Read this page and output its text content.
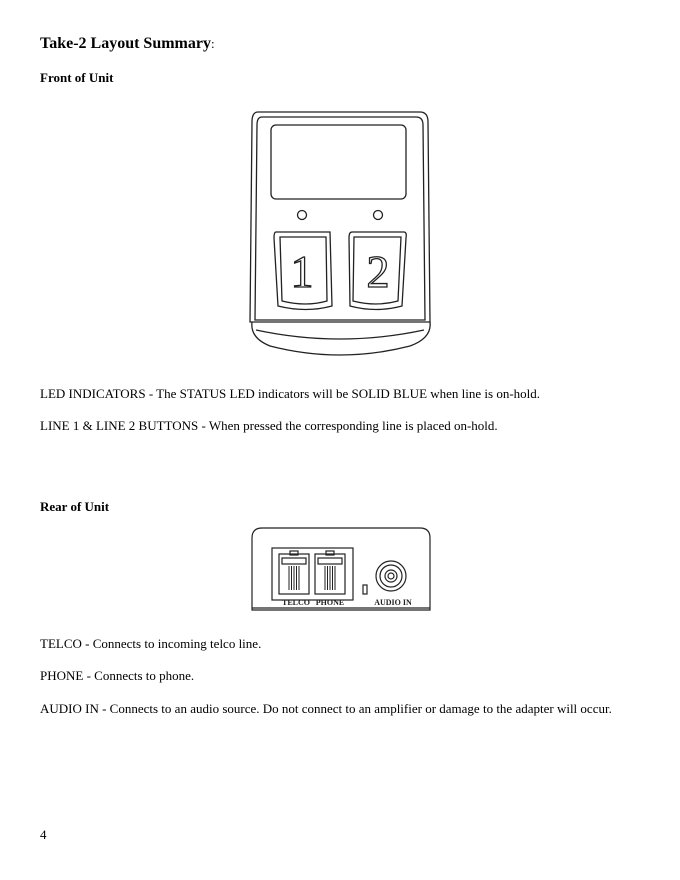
Take-2 Layout Summary:
Front of Unit
1 2
LED INDICATORS - The STATUS LED indicators will be SOLID BLUE when line is on-hold.
LINE 1 & LINE 2 BUTTONS - When pressed the corresponding line is placed on-hold.
Rear of Unit
TELCO PHONE	AUDIO IN
TELCO - Connects to incoming telco line.
PHONE - Connects to phone.
AUDIO IN - Connects to an audio source. Do not connect to an amplifier or damage to the adapter will occur.
4
